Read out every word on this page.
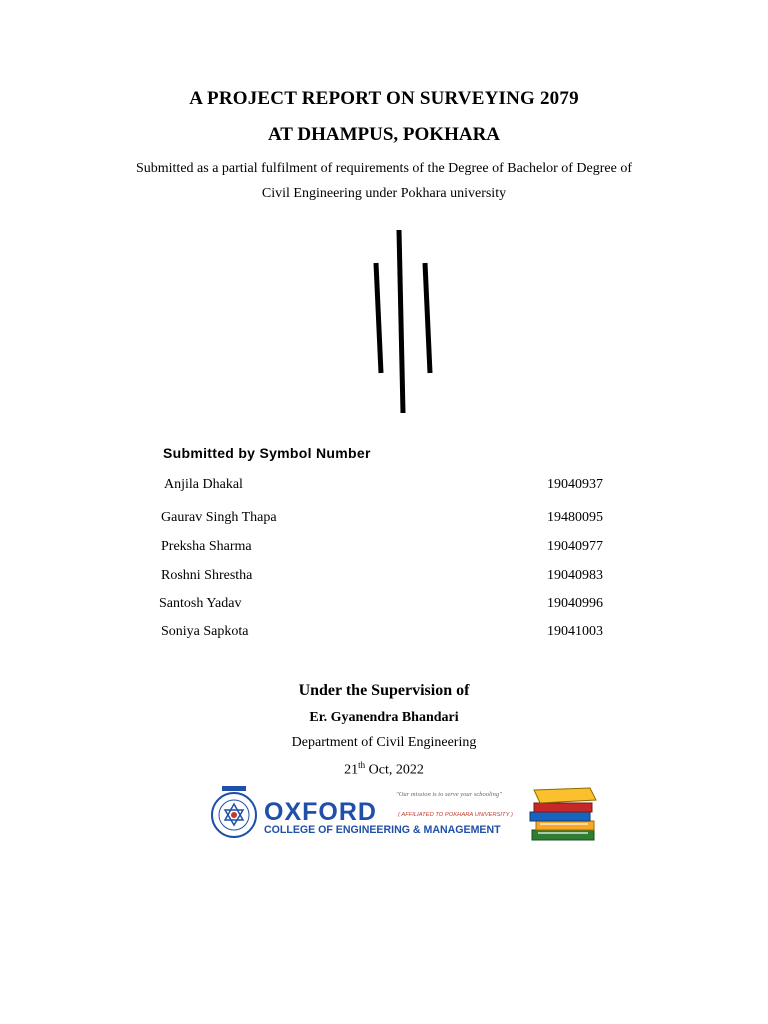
A PROJECT REPORT ON SURVEYING 2079
AT DHAMPUS, POKHARA
Submitted as a partial fulfilment of requirements of the Degree of Bachelor of Degree of
Civil Engineering under Pokhara university
Submitted by Symbol Number
Anjila Dhakal	19040937
Gaurav Singh Thapa	19480095
Preksha Sharma	19040977
Roshni Shrestha	19040983
Santosh Yadav	19040996
Soniya Sapkota	19041003
Under the Supervision of
Er. Gyanendra Bhandari
Department of Civil Engineering
21th Oct, 2022
OXFORD
"Our mission is to serve your schooling"
( AFFILIATED TO POKHARA UNIVERSITY )
COLLEGE OF ENGINEERING & MANAGEMENT
